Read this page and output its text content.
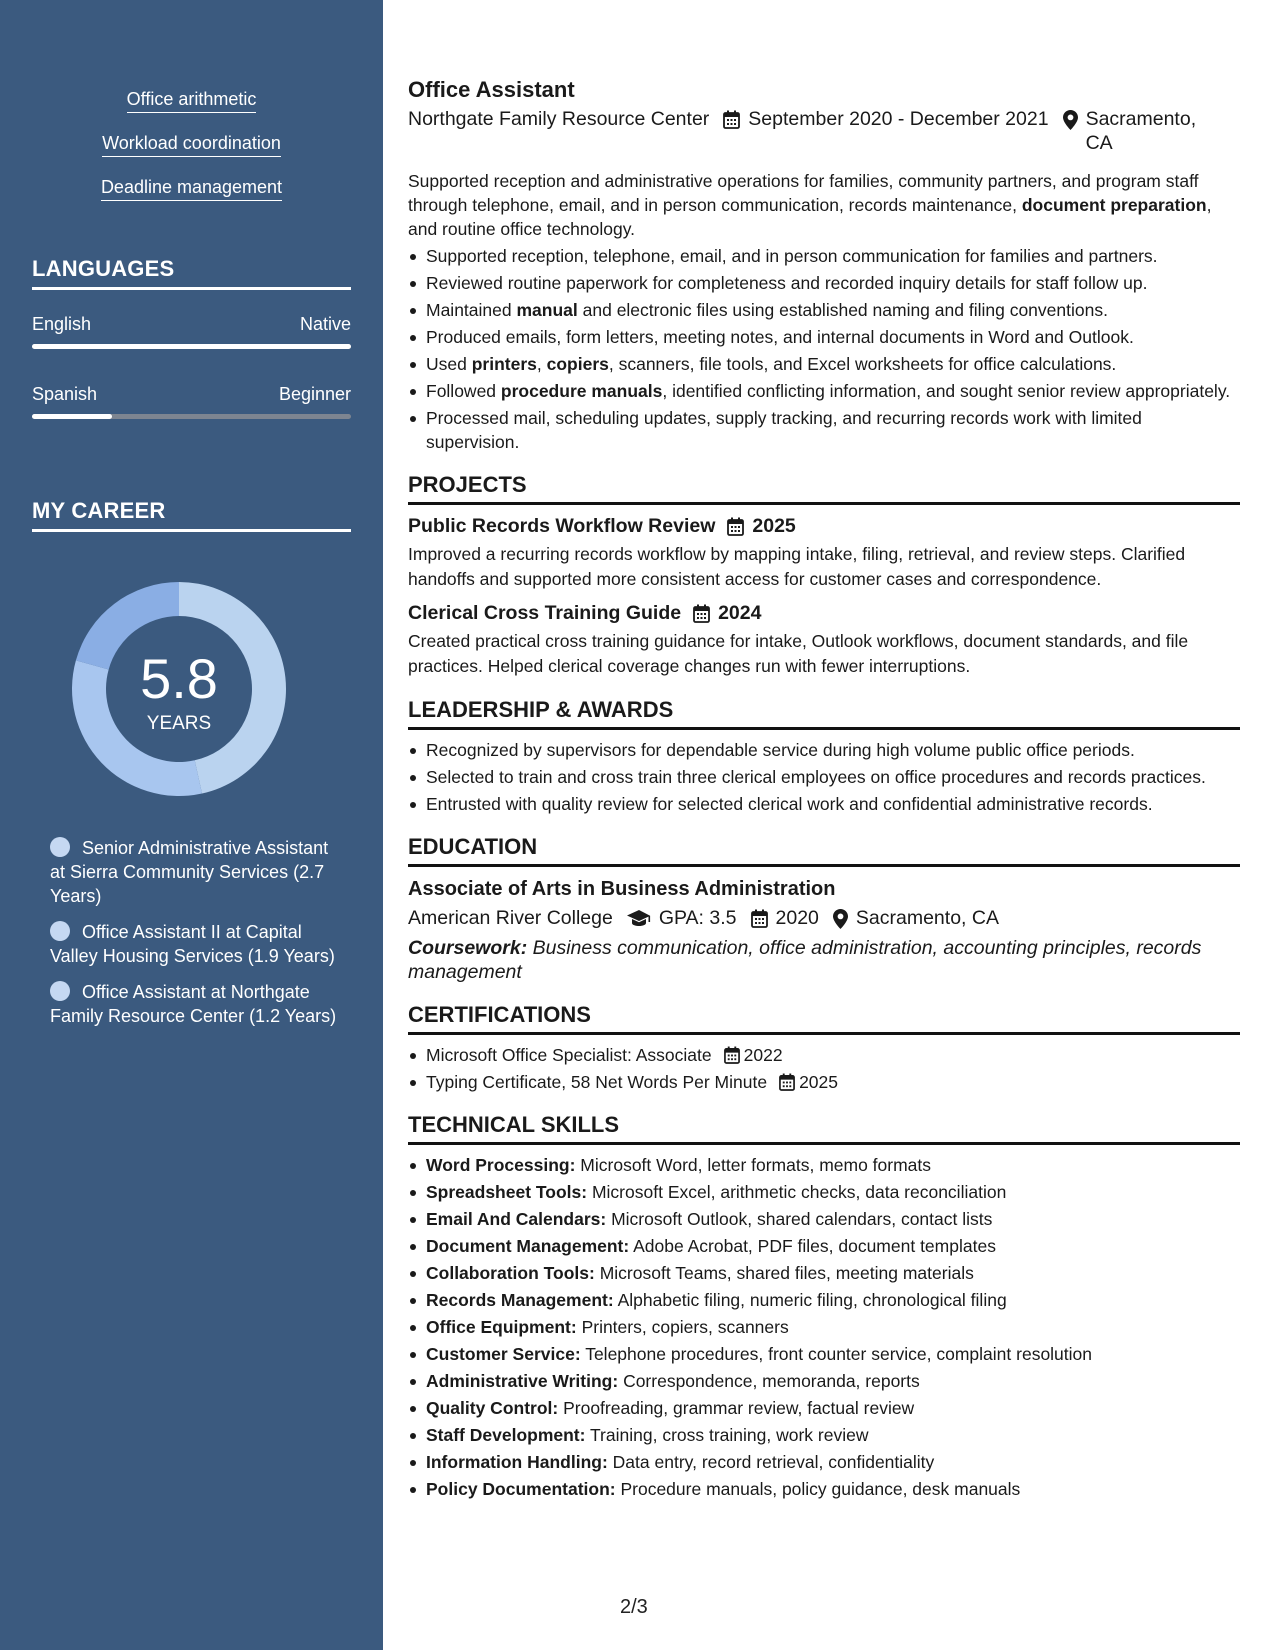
Office arithmetic
Workload coordination
Deadline management
LANGUAGES
English	Native
Spanish	Beginner
MY CAREER
5.8
YEARS
Senior Administrative Assistant at Sierra Community Services (2.7 Years)
Office Assistant II at Capital Valley Housing Services (1.9 Years)
Office Assistant at Northgate Family Resource Center (1.2 Years)
Office Assistant
Northgate Family Resource Center September 2020 - December 2021 Sacramento, CA

Supported reception and administrative operations for families, community partners, and program staff through telephone, email, and in person communication, records maintenance, document preparation, and routine office technology.

Supported reception, telephone, email, and in person communication for families and partners.
Reviewed routine paperwork for completeness and recorded inquiry details for staff follow up.
Maintained manual and electronic files using established naming and filing conventions.
Produced emails, form letters, meeting notes, and internal documents in Word and Outlook.
Used printers, copiers, scanners, file tools, and Excel worksheets for office calculations.
Followed procedure manuals, identified conflicting information, and sought senior review appropriately.
Processed mail, scheduling updates, supply tracking, and recurring records work with limited supervision.
PROJECTS
Public Records Workflow Review 2025

Improved a recurring records workflow by mapping intake, filing, retrieval, and review steps. Clarified handoffs and supported more consistent access for customer cases and correspondence.

Clerical Cross Training Guide 2024

Created practical cross training guidance for intake, Outlook workflows, document standards, and file practices. Helped clerical coverage changes run with fewer interruptions.

LEADERSHIP & AWARDS
Recognized by supervisors for dependable service during high volume public office periods.
Selected to train and cross train three clerical employees on office procedures and records practices.
Entrusted with quality review for selected clerical work and confidential administrative records.
EDUCATION
Associate of Arts in Business Administration
American River College GPA: 3.5 2020 Sacramento, CA

Coursework: Business communication, office administration, accounting principles, records management

CERTIFICATIONS
Microsoft Office Specialist: Associate 2022
Typing Certificate, 58 Net Words Per Minute 2025
TECHNICAL SKILLS
Word Processing: Microsoft Word, letter formats, memo formats
Spreadsheet Tools: Microsoft Excel, arithmetic checks, data reconciliation
Email And Calendars: Microsoft Outlook, shared calendars, contact lists
Document Management: Adobe Acrobat, PDF files, document templates
Collaboration Tools: Microsoft Teams, shared files, meeting materials
Records Management: Alphabetic filing, numeric filing, chronological filing
Office Equipment: Printers, copiers, scanners
Customer Service: Telephone procedures, front counter service, complaint resolution
Administrative Writing: Correspondence, memoranda, reports
Quality Control: Proofreading, grammar review, factual review
Staff Development: Training, cross training, work review
Information Handling: Data entry, record retrieval, confidentiality
Policy Documentation: Procedure manuals, policy guidance, desk manuals
2/3
